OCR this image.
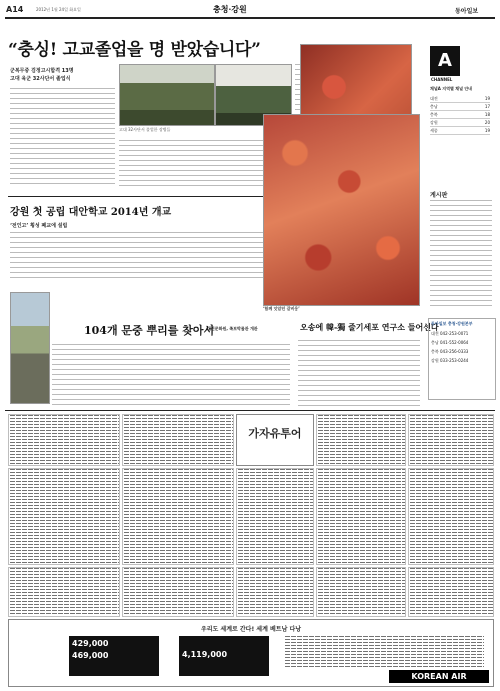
A14	2012년 1월 24일 화요일	충청·강원	동아일보
“충싱! 고교졸업을 명 받았습니다”
군복무중 검정고시합격 13명
고대 육군 32사단서 졸업식
고대 32사단서 졸업한 장병들
강원 첫 공립 대안학교 2014년 개교
‘전인고’ 횡성 폐교에 설립
104개 문중 뿌리를 찾아서
대전문화원, 족보박물관 개관
‘함께 앗았던 갈비옹’
오송에 韓-獨 줄기세포 연구소 들어선다
A
CHANNEL
채널A 지역별 채널 안내
대전	19
충남	17
충북	18
강원	20
세종	19
게시판
동아일보 충청·강원본부
대전 042-253-0071
충남 041-552-0064
충북 043-256-0333
강원 033-253-0244
가자유투어
우리도 세계로 간다! 세계 베트남 다낭
429,000
469,000	4,119,000
KOREAN AIR
